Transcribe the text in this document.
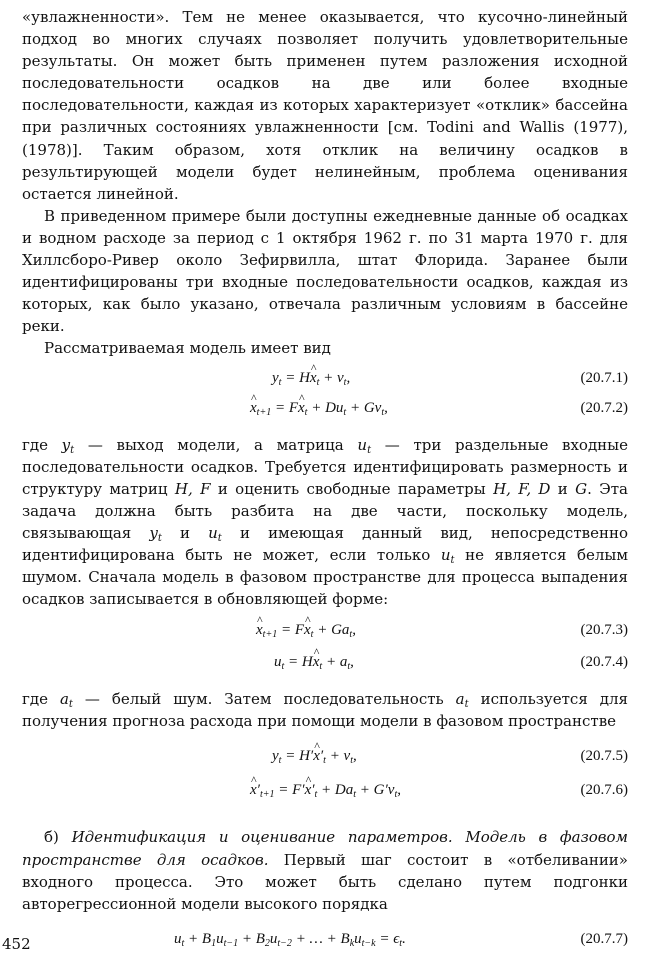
«увлажненности». Тем не менее оказывается, что кусочно-линейный подход во многих случаях позволяет получить удовлетворительные результаты. Он может быть применен путем разложения исходной последовательности осадков на две или более входные последовательности, каждая из которых характеризует «отклик» бассейна при различных состояниях увлажненности [см. Todini and Wallis (1977), (1978)]. Таким образом, хотя отклик на величину осадков в результирующей модели будет нелинейным, проблема оценивания остается линейной.

В приведенном примере были доступны ежедневные данные об осадках и водном расходе за период с 1 октября 1962 г. по 31 марта 1970 г. для Хиллсборо-Ривер около Зефирвилла, штат Флорида. Заранее были идентифицированы три входные последовательности осадков, каждая из которых, как было указано, отвечала различным условиям в бассейне реки.

Рассматриваемая модель имеет вид

$y_t$ = H^ $x_t + v_t$,	(20.7.1)
^ $x_{t+1}$ = F^ $x_t + Du_t + Gv_t$,	(20.7.2)

где $y_t$ — выход модели, а матрица $u_t$ — три раздельные входные последовательности осадков. Требуется идентифицировать размерность и структуру матриц H, F и оценить свободные параметры H, F, D и G. Эта задача должна быть разбита на две части, поскольку модель, связывающая $y_t$ и $u_t$ и имеющая данный вид, непосредственно идентифицирована быть не может, если только $u_t$ не является белым шумом. Сначала модель в фазовом пространстве для процесса выпадения осадков записывается в обновляющей форме:

^ $x_{t+1}$ = F^ $x_t + Ga_t$,	(20.7.3)
$u_t$ = H^ $x_t + a_t$,	(20.7.4)

где $a_t$ — белый шум. Затем последовательность $a_t$ используется для получения прогноза расхода при помощи модели в фазовом пространстве

$y_t$ = H′^ $x'_t + v_t$,	(20.7.5)
^ $x'_{t+1}$ = F′^ $x'_t + Da_t + G'v_t$,	(20.7.6)

б) Идентификация и оценивание параметров. Модель в фазовом пространстве для осадков. Первый шаг состоит в «отбеливании» входного процесса. Это может быть сделано путем подгонки авторегрессионной модели высокого порядка

$u_t + B_1u_{t-1} + B_2u_{t-2}$ + … + $B_ku_{t-k} = \epsilon_t$.	(20.7.7)
452
